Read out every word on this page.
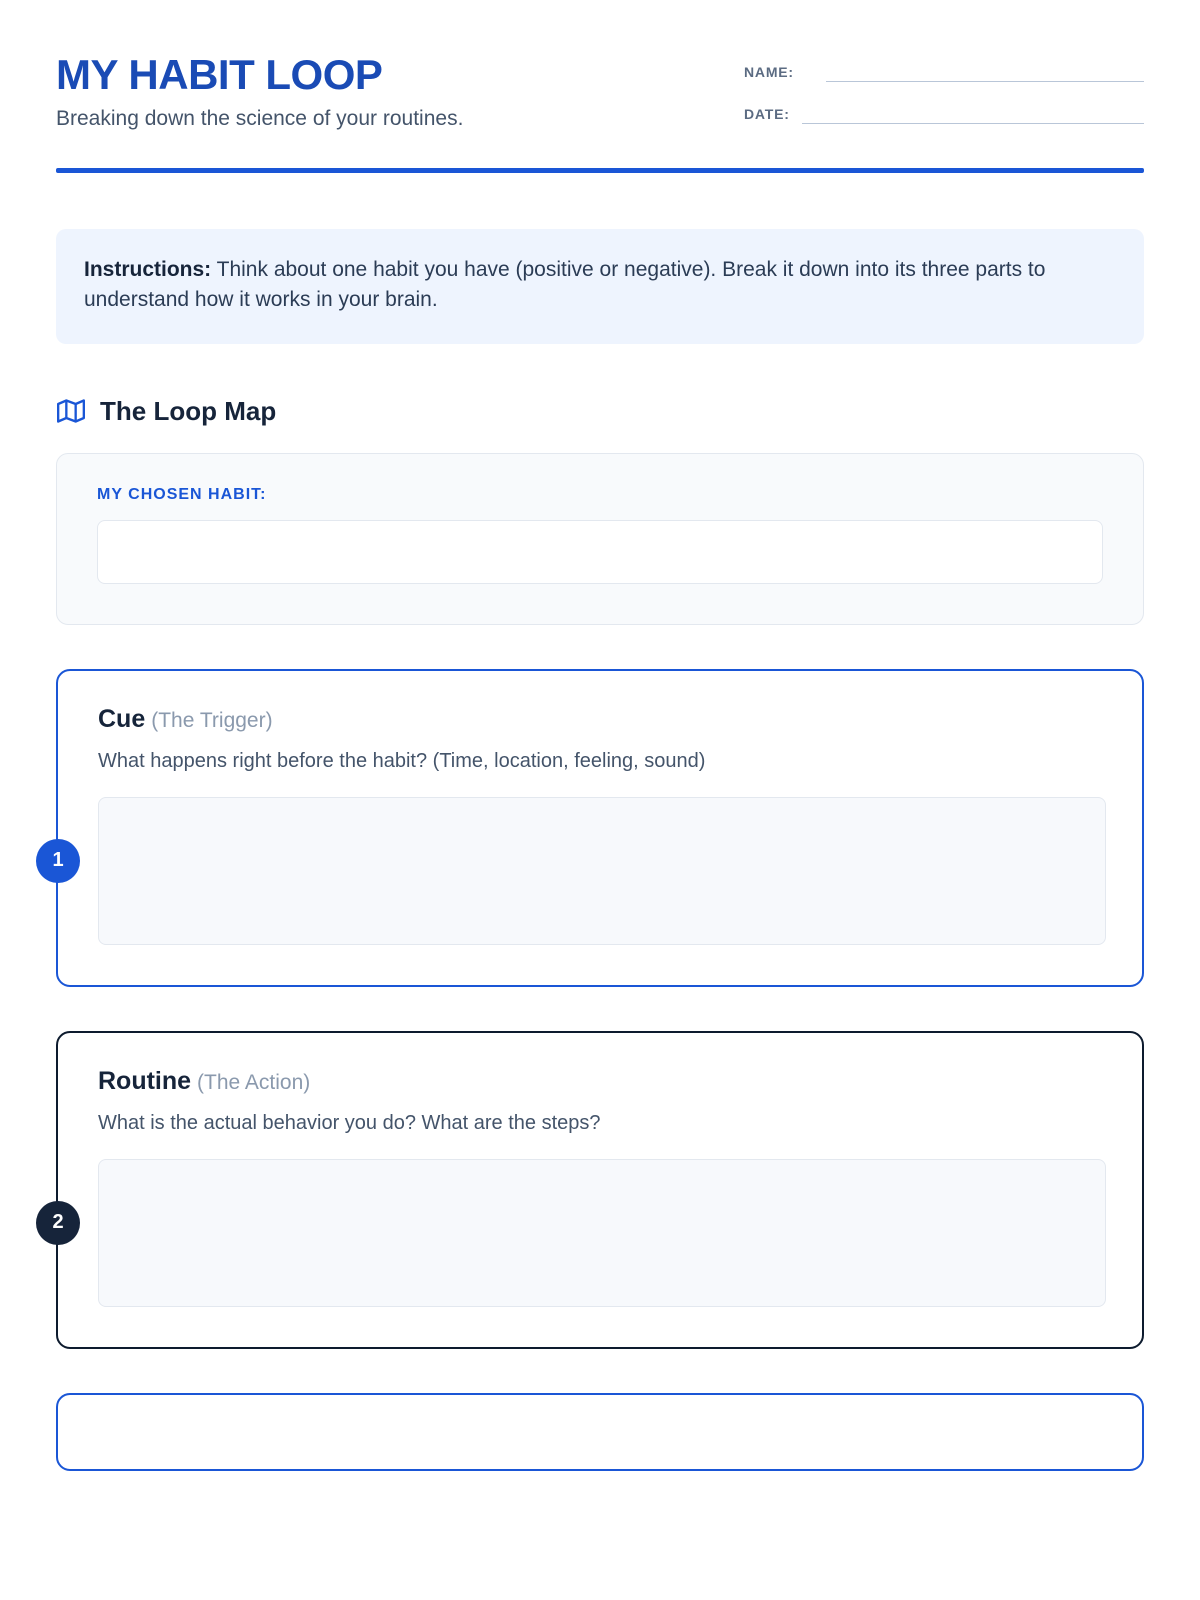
MY HABIT LOOP

Breaking down the science of your routines.

NAME:
DATE:

Instructions: Think about one habit you have (positive or negative). Break it down into its three parts to understand how it works in your brain.

The Loop Map

MY CHOSEN HABIT:

1
Cue (The Trigger)

What happens right before the habit? (Time, location, feeling, sound)

2
Routine (The Action)

What is the actual behavior you do? What are the steps?
